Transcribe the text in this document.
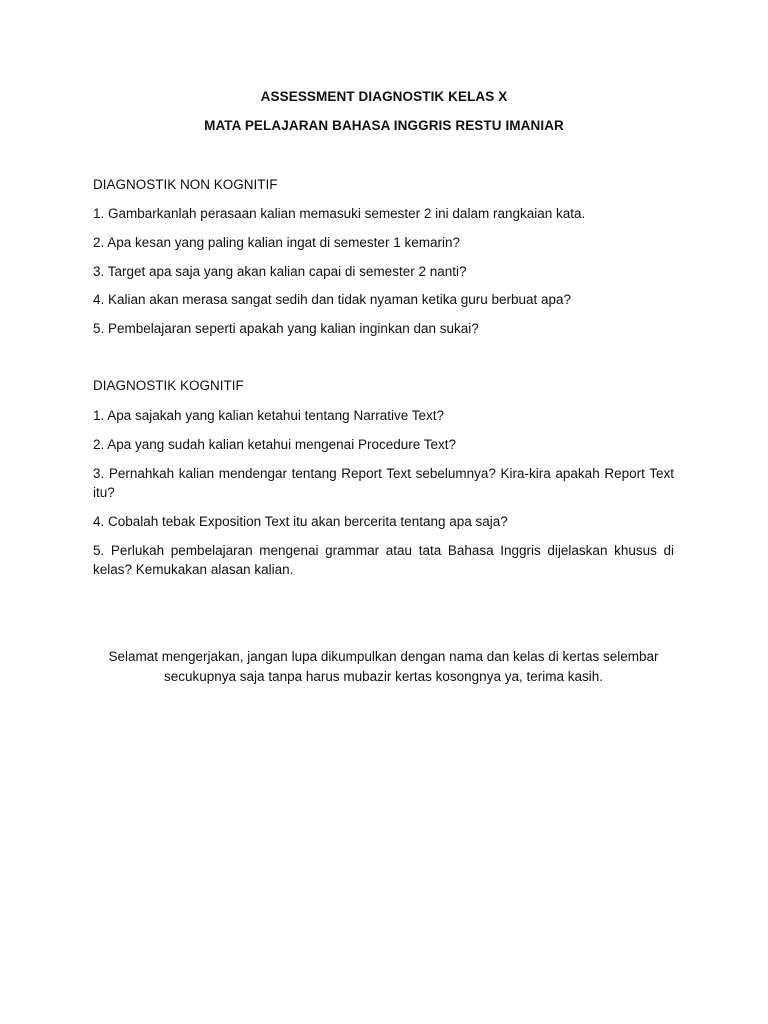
ASSESSMENT DIAGNOSTIK KELAS X
MATA PELAJARAN BAHASA INGGRIS RESTU IMANIAR
DIAGNOSTIK NON KOGNITIF
1. Gambarkanlah perasaan kalian memasuki semester 2 ini dalam rangkaian kata.
2. Apa kesan yang paling kalian ingat di semester 1 kemarin?
3. Target apa saja yang akan kalian capai di semester 2 nanti?
4. Kalian akan merasa sangat sedih dan tidak nyaman ketika guru berbuat apa?
5. Pembelajaran seperti apakah yang kalian inginkan dan sukai?
DIAGNOSTIK KOGNITIF
1. Apa sajakah yang kalian ketahui tentang Narrative Text?
2. Apa yang sudah kalian ketahui mengenai Procedure Text?
3. Pernahkah kalian mendengar tentang Report Text sebelumnya? Kira-kira apakah Report Text itu?
4. Cobalah tebak Exposition Text itu akan bercerita tentang apa saja?
5. Perlukah pembelajaran mengenai grammar atau tata Bahasa Inggris dijelaskan khusus di kelas? Kemukakan alasan kalian.
Selamat mengerjakan, jangan lupa dikumpulkan dengan nama dan kelas di kertas selembar secukupnya saja tanpa harus mubazir kertas kosongnya ya, terima kasih.
